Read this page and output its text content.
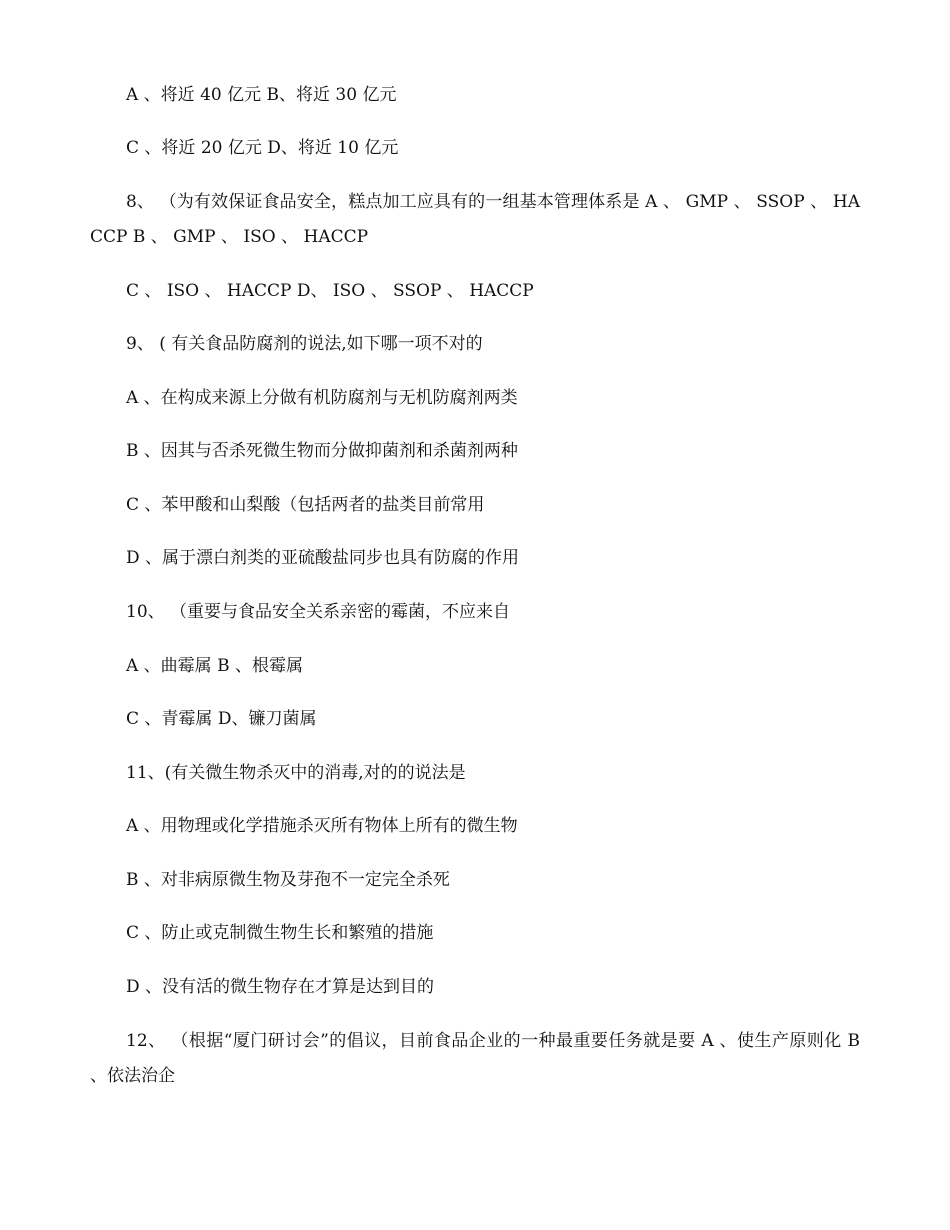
A 、将近 40 亿元 B、将近 30 亿元

C 、将近 20 亿元 D、将近 10 亿元

8、 （为有效保证食品安全，糕点加工应具有的一组基本管理体系是 A 、 GMP 、 SSOP 、 HACCP B 、 GMP 、 ISO 、 HACCP

C 、 ISO 、 HACCP D、 ISO 、 SSOP 、 HACCP

9、 ( 有关食品防腐剂的说法,如下哪一项不对的

A 、在构成来源上分做有机防腐剂与无机防腐剂两类

B 、因其与否杀死微生物而分做抑菌剂和杀菌剂两种

C 、苯甲酸和山梨酸（包括两者的盐类目前常用

D 、属于漂白剂类的亚硫酸盐同步也具有防腐的作用

10、 （重要与食品安全关系亲密的霉菌，不应来自

A 、曲霉属 B 、根霉属

C 、青霉属 D、镰刀菌属

11、(有关微生物杀灭中的消毒,对的的说法是

A 、用物理或化学措施杀灭所有物体上所有的微生物

B 、对非病原微生物及芽孢不一定完全杀死

C 、防止或克制微生物生长和繁殖的措施

D 、没有活的微生物存在才算是达到目的

12、 （根据“厦门研讨会”的倡议，目前食品企业的一种最重要任务就是要 A 、使生产原则化 B 、依法治企
